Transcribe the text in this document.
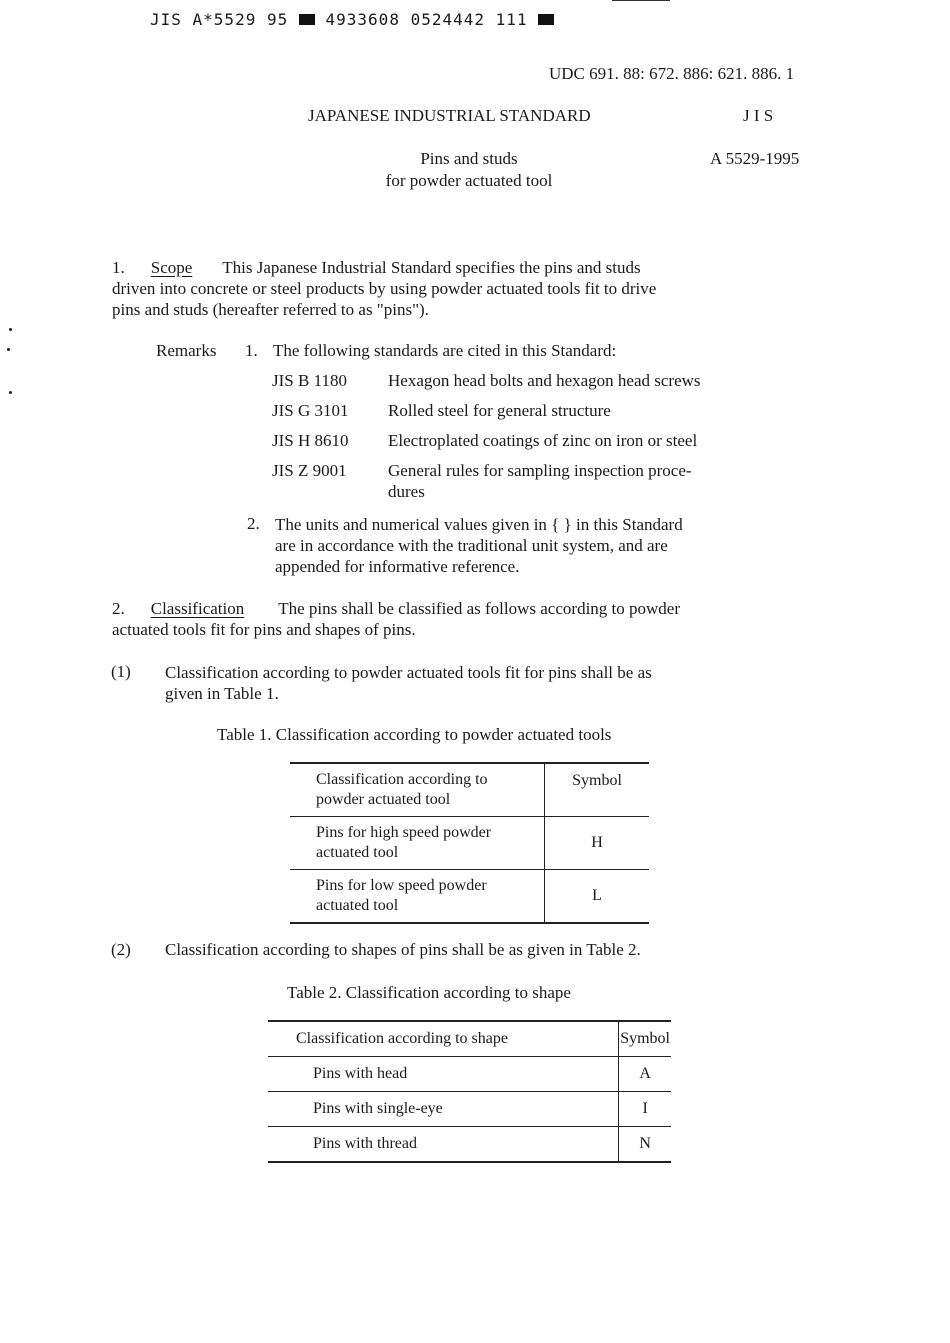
JIS A*5529 95 4933608 0524442 111
UDC 691. 88: 672. 886: 621. 886. 1
JAPANESE INDUSTRIAL STANDARD	J I S
Pins and studs
for powder actuated tool
A 5529-1995
1. Scope This Japanese Industrial Standard specifies the pins and studs
driven into concrete or steel products by using powder actuated tools fit to drive
pins and studs (hereafter referred to as "pins").
Remarks 1. The following standards are cited in this Standard:
JIS B 1180 Hexagon head bolts and hexagon head screws
JIS G 3101 Rolled steel for general structure
JIS H 8610 Electroplated coatings of zinc on iron or steel
JIS Z 9001 General rules for sampling inspection proce-
dures
2. The units and numerical values given in { } in this Standard
are in accordance with the traditional unit system, and are
appended for informative reference.
2. Classification The pins shall be classified as follows according to powder
actuated tools fit for pins and shapes of pins.
(1) Classification according to powder actuated tools fit for pins shall be as
given in Table 1.
Table 1. Classification according to powder actuated tools
Classification according to
powder actuated tool	Symbol
Pins for high speed powder
actuated tool	H
Pins for low speed powder
actuated tool	L
(2) Classification according to shapes of pins shall be as given in Table 2.
Table 2. Classification according to shape
Classification according to shape	Symbol
Pins with head	A
Pins with single-eye	I
Pins with thread	N
